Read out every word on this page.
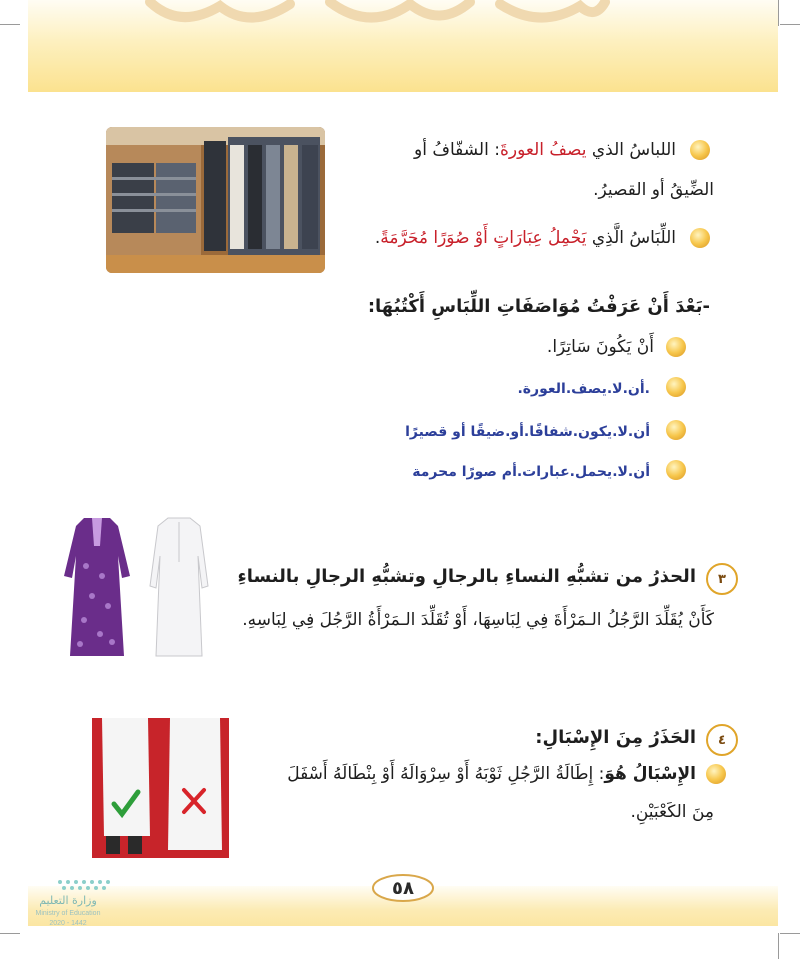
اللباسُ الذي يصفُ العورةَ: الشفّافُ أو
الضِّيقُ أو القصيرُ.
اللِّبَاسُ الَّذِي يَحْمِلُ عِبَارَاتٍ أَوْ صُوَرًا مُحَرَّمَةً.
-بَعْدَ أَنْ عَرَفْتُ مُوَاصَفَاتِ اللِّبَاسِ أَكْتُبُهَا:
أَنْ يَكُونَ سَاتِرًا.
.أن.لا.يصف.العورة.
أن.لا.يكون.شفافًا.أو.ضيقًا أو قصيرًا
أن.لا.يحمل.عبارات.أم صورًا محرمة
٣
الحذرُ من تشبُّهِ النساءِ بالرجالِ وتشبُّهِ الرجالِ بالنساءِ
كَأَنْ يُقَلِّدَ الرَّجُلُ الـمَرْأَةَ فِي لِبَاسِهَا، أَوْ تُقَلِّدَ الـمَرْأَةُ الرَّجُلَ فِي لِبَاسِهِ.
٤
الحَذَرُ مِنَ الإِسْبَالِ:
الإِسْبَالُ هُوَ: إِطَالَةُ الرَّجُلِ ثَوْبَهُ أَوْ سِرْوَالَهُ أَوْ بِنْطَالَهُ أَسْفَلَ
مِنَ الكَعْبَيْنِ.
٥٨
وزارة التعليم
Ministry of Education
2020 - 1442
